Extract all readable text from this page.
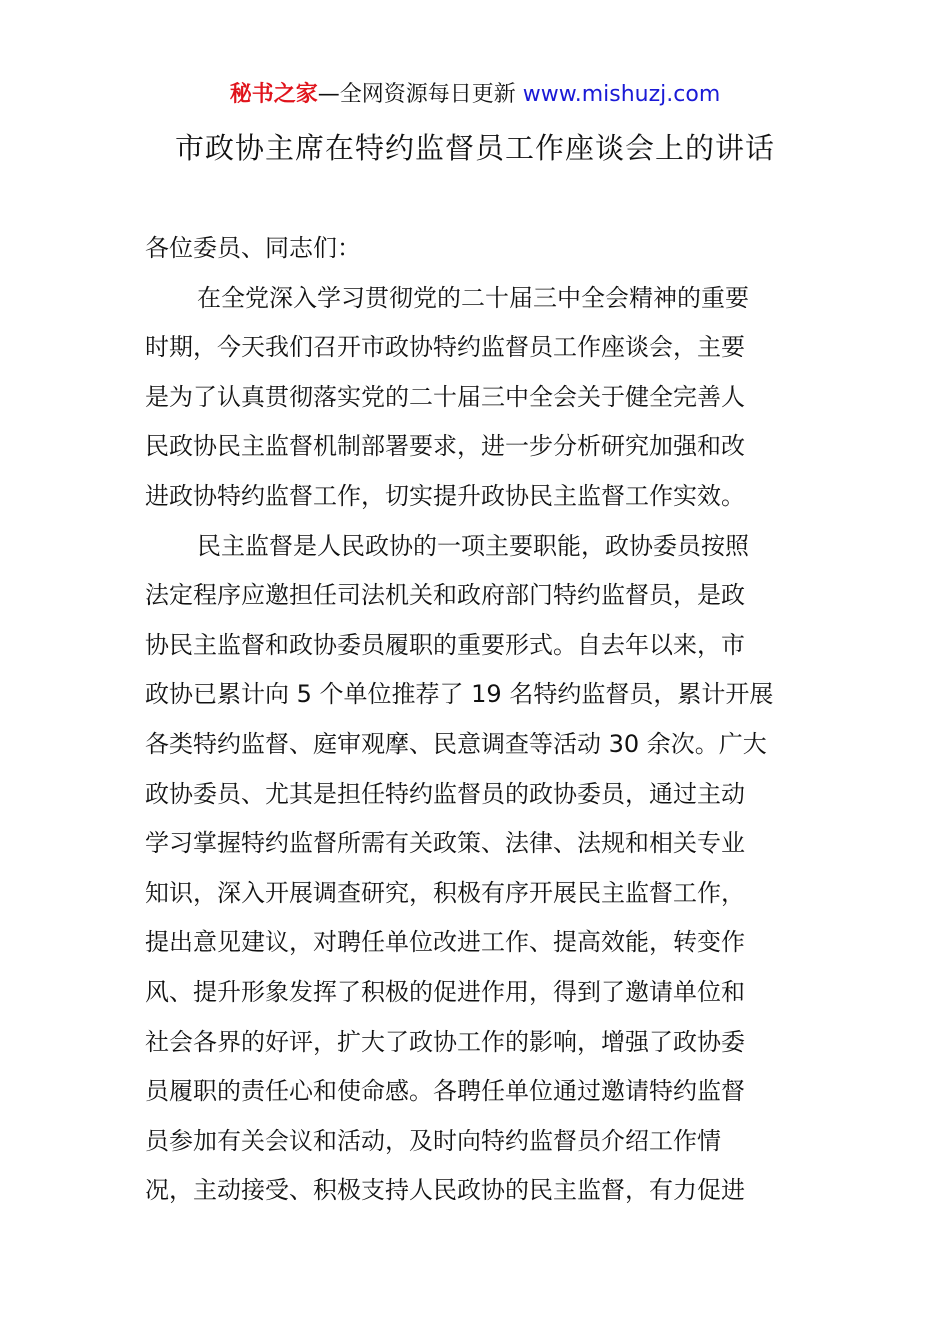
秘书之家—全网资源每日更新 www.mishuzj.com
市政协主席在特约监督员工作座谈会上的讲话
各位委员、同志们：
在全党深入学习贯彻党的二十届三中全会精神的重要
时期，今天我们召开市政协特约监督员工作座谈会，主要
是为了认真贯彻落实党的二十届三中全会关于健全完善人
民政协民主监督机制部署要求，进一步分析研究加强和改
进政协特约监督工作，切实提升政协民主监督工作实效。
民主监督是人民政协的一项主要职能，政协委员按照
法定程序应邀担任司法机关和政府部门特约监督员，是政
协民主监督和政协委员履职的重要形式。自去年以来，市
政协已累计向 5 个单位推荐了 19 名特约监督员，累计开展
各类特约监督、庭审观摩、民意调查等活动 30 余次。广大
政协委员、尤其是担任特约监督员的政协委员，通过主动
学习掌握特约监督所需有关政策、法律、法规和相关专业
知识，深入开展调查研究，积极有序开展民主监督工作，
提出意见建议，对聘任单位改进工作、提高效能，转变作
风、提升形象发挥了积极的促进作用，得到了邀请单位和
社会各界的好评，扩大了政协工作的影响，增强了政协委
员履职的责任心和使命感。各聘任单位通过邀请特约监督
员参加有关会议和活动，及时向特约监督员介绍工作情
况，主动接受、积极支持人民政协的民主监督，有力促进
